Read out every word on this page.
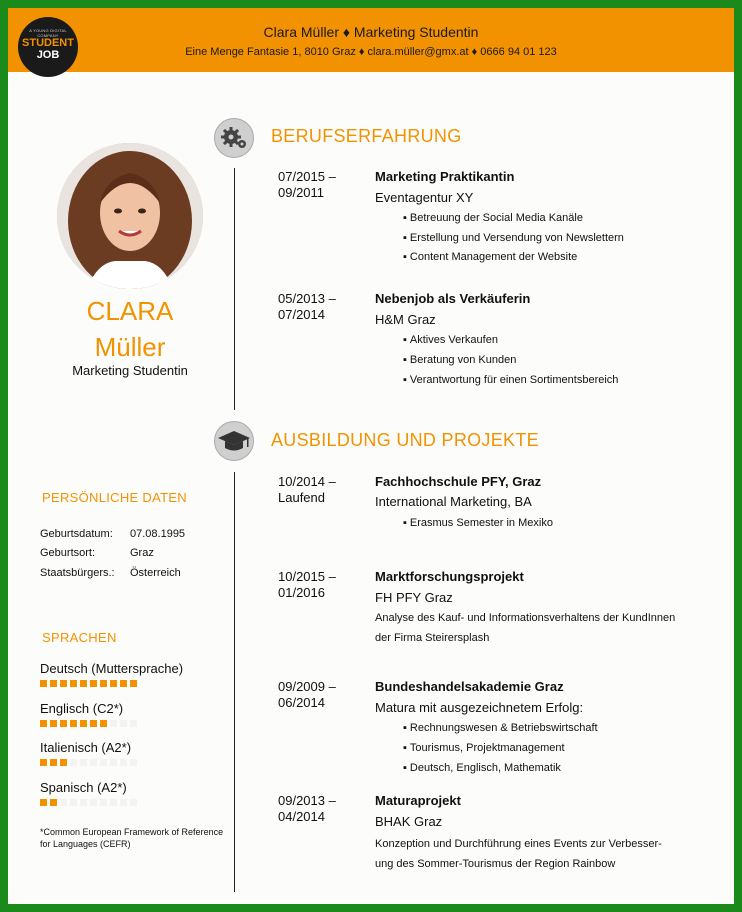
Clara Müller ♦ Marketing Studentin
Eine Menge Fantasie 1, 8010 Graz ♦ clara.müller@gmx.at ♦ 0666 94 01 123
A YOUNG DIGITAL COMPANY
STUDENT
JOB
CLARA
Müller
Marketing Studentin
PERSÖNLICHE DATEN
Geburtsdatum: 07.08.1995
Geburtsort:	Graz
Staatsbürgers.: Österreich
SPRACHEN
Deutsch (Muttersprache)
Englisch (C2*)
Italienisch (A2*)
Spanisch (A2*)
*Common European Framework of Reference for Languages (CEFR)
BERUFSERFAHRUNG
07/2015 –
09/2011
Marketing Praktikantin
Eventagentur XY
▪ Betreuung der Social Media Kanäle
▪ Erstellung und Versendung von Newslettern
▪ Content Management der Website
05/2013 –
07/2014
Nebenjob als Verkäuferin
H&M Graz
▪ Aktives Verkaufen
▪ Beratung von Kunden
▪ Verantwortung für einen Sortimentsbereich
AUSBILDUNG UND PROJEKTE
10/2014 –
Laufend
Fachhochschule PFY, Graz
International Marketing, BA
▪ Erasmus Semester in Mexiko
10/2015 –
01/2016
Marktforschungsprojekt
FH PFY Graz
Analyse des Kauf- und Informationsverhaltens der KundInnen
der Firma Steirersplash
09/2009 –
06/2014
Bundeshandelsakademie Graz
Matura mit ausgezeichnetem Erfolg:
▪ Rechnungswesen & Betriebswirtschaft
▪ Tourismus, Projektmanagement
▪ Deutsch, Englisch, Mathematik
09/2013 –
04/2014
Maturaprojekt
BHAK Graz
Konzeption und Durchführung eines Events zur Verbesser-
ung des Sommer-Tourismus der Region Rainbow
